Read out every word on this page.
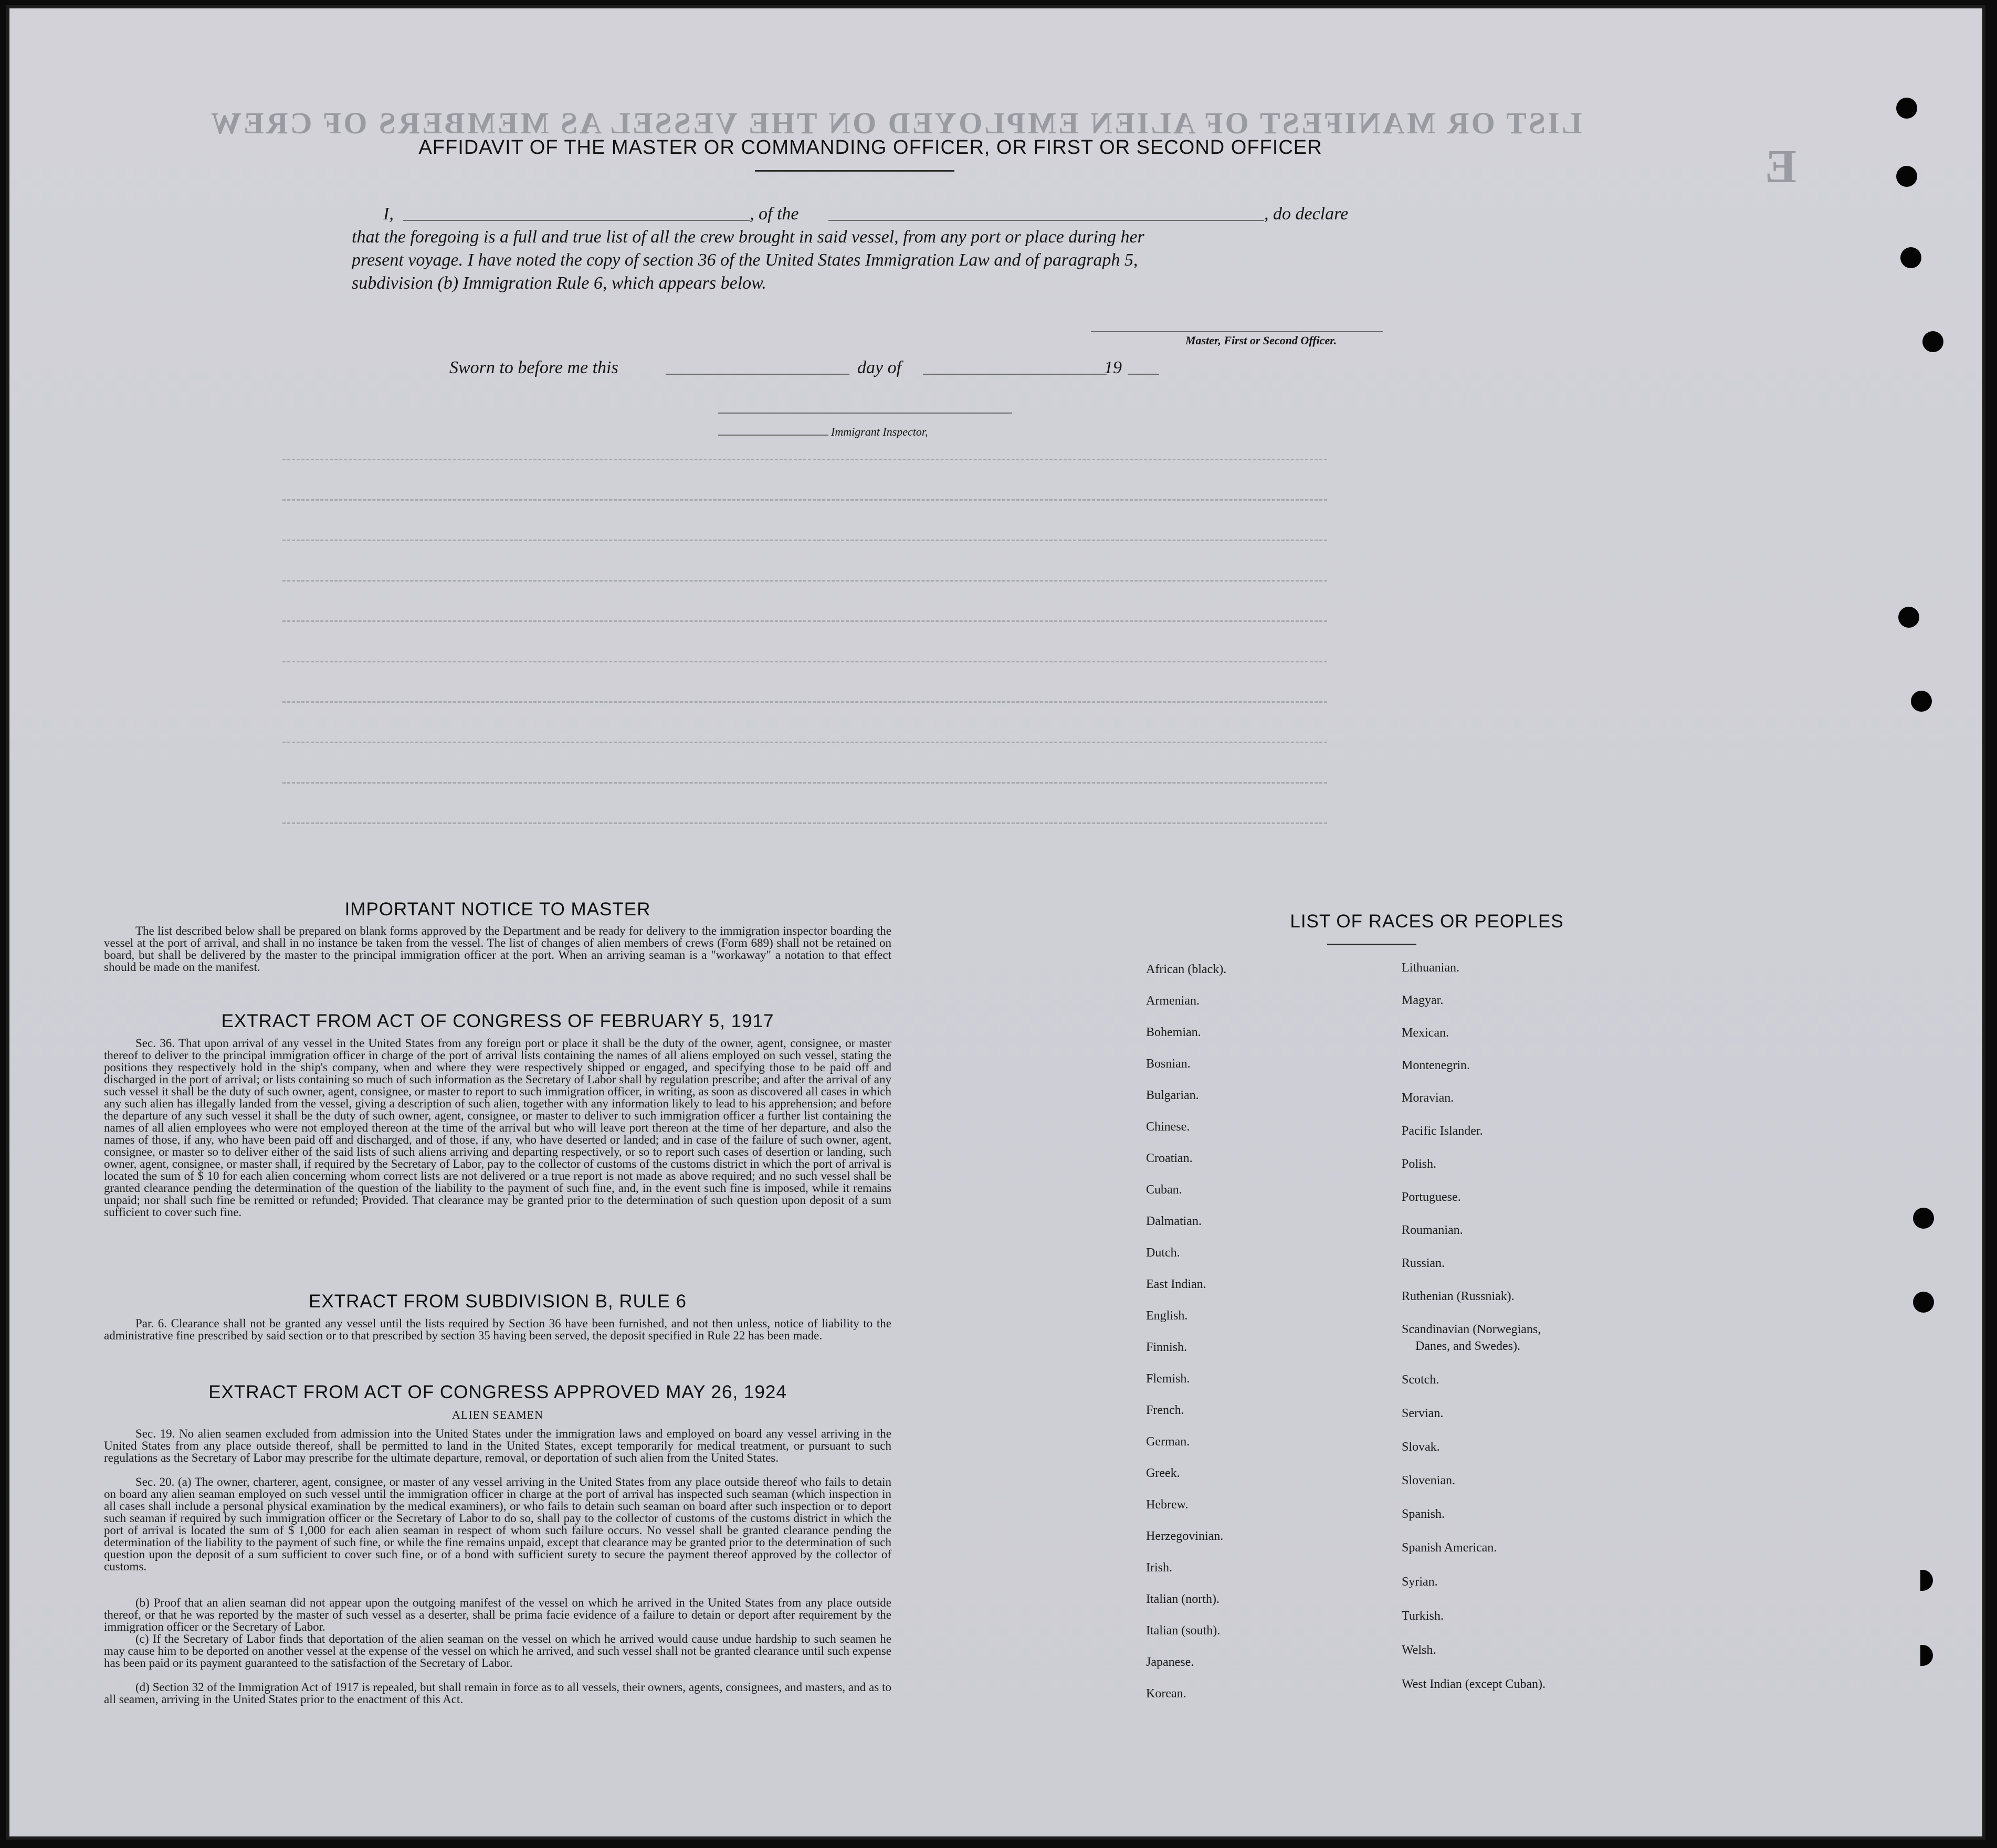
LIST OR MANIFEST OF ALIEN EMPLOYED ON THE VESSEL AS MEMBERS OF CREW
E
AFFIDAVIT OF THE MASTER OR COMMANDING OFFICER, OR FIRST OR SECOND OFFICER
I,	, of the	, do declare
that the foregoing is a full and true list of all the crew brought in said vessel, from any port or place during her
present voyage. I have noted the copy of section 36 of the United States Immigration Law and of paragraph 5,
subdivision (b) Immigration Rule 6, which appears below.
Master, First or Second Officer.
Sworn to before me this	day of	19
Immigrant Inspector,
IMPORTANT NOTICE TO MASTER
The list described below shall be prepared on blank forms approved by the Department and be ready for delivery to the immigration inspector boarding the vessel at the port of arrival, and shall in no instance be taken from the vessel. The list of changes of alien members of crews (Form 689) shall not be retained on board, but shall be delivered by the master to the principal immigration officer at the port. When an arriving seaman is a "workaway" a notation to that effect should be made on the manifest.
EXTRACT FROM ACT OF CONGRESS OF FEBRUARY 5, 1917
Sec. 36. That upon arrival of any vessel in the United States from any foreign port or place it shall be the duty of the owner, agent, consignee, or master thereof to deliver to the principal immigration officer in charge of the port of arrival lists containing the names of all aliens employed on such vessel, stating the positions they respectively hold in the ship's company, when and where they were respectively shipped or engaged, and specifying those to be paid off and discharged in the port of arrival; or lists containing so much of such information as the Secretary of Labor shall by regulation prescribe; and after the arrival of any such vessel it shall be the duty of such owner, agent, consignee, or master to report to such immigration officer, in writing, as soon as discovered all cases in which any such alien has illegally landed from the vessel, giving a description of such alien, together with any information likely to lead to his apprehension; and before the departure of any such vessel it shall be the duty of such owner, agent, consignee, or master to deliver to such immigration officer a further list containing the names of all alien employees who were not employed thereon at the time of the arrival but who will leave port thereon at the time of her departure, and also the names of those, if any, who have been paid off and discharged, and of those, if any, who have deserted or landed; and in case of the failure of such owner, agent, consignee, or master so to deliver either of the said lists of such aliens arriving and departing respectively, or so to report such cases of desertion or landing, such owner, agent, consignee, or master shall, if required by the Secretary of Labor, pay to the collector of customs of the customs district in which the port of arrival is located the sum of $ 10 for each alien concerning whom correct lists are not delivered or a true report is not made as above required; and no such vessel shall be granted clearance pending the determination of the question of the liability to the payment of such fine, and, in the event such fine is imposed, while it remains unpaid; nor shall such fine be remitted or refunded; Provided. That clearance may be granted prior to the determination of such question upon deposit of a sum sufficient to cover such fine.
EXTRACT FROM SUBDIVISION B, RULE 6
Par. 6. Clearance shall not be granted any vessel until the lists required by Section 36 have been furnished, and not then unless, notice of liability to the administrative fine prescribed by said section or to that prescribed by section 35 having been served, the deposit specified in Rule 22 has been made.
EXTRACT FROM ACT OF CONGRESS APPROVED MAY 26, 1924
ALIEN SEAMEN
Sec. 19. No alien seamen excluded from admission into the United States under the immigration laws and employed on board any vessel arriving in the United States from any place outside thereof, shall be permitted to land in the United States, except temporarily for medical treatment, or pursuant to such regulations as the Secretary of Labor may prescribe for the ultimate departure, removal, or deportation of such alien from the United States.
Sec. 20. (a) The owner, charterer, agent, consignee, or master of any vessel arriving in the United States from any place outside thereof who fails to detain on board any alien seaman employed on such vessel until the immigration officer in charge at the port of arrival has inspected such seaman (which inspection in all cases shall include a personal physical examination by the medical examiners), or who fails to detain such seaman on board after such inspection or to deport such seaman if required by such immigration officer or the Secretary of Labor to do so, shall pay to the collector of customs of the customs district in which the port of arrival is located the sum of $ 1,000 for each alien seaman in respect of whom such failure occurs. No vessel shall be granted clearance pending the determination of the liability to the payment of such fine, or while the fine remains unpaid, except that clearance may be granted prior to the determination of such question upon the deposit of a sum sufficient to cover such fine, or of a bond with sufficient surety to secure the payment thereof approved by the collector of customs.
(b) Proof that an alien seaman did not appear upon the outgoing manifest of the vessel on which he arrived in the United States from any place outside thereof, or that he was reported by the master of such vessel as a deserter, shall be prima facie evidence of a failure to detain or deport after requirement by the immigration officer or the Secretary of Labor.
(c) If the Secretary of Labor finds that deportation of the alien seaman on the vessel on which he arrived would cause undue hardship to such seamen he may cause him to be deported on another vessel at the expense of the vessel on which he arrived, and such vessel shall not be granted clearance until such expense has been paid or its payment guaranteed to the satisfaction of the Secretary of Labor.
(d) Section 32 of the Immigration Act of 1917 is repealed, but shall remain in force as to all vessels, their owners, agents, consignees, and masters, and as to all seamen, arriving in the United States prior to the enactment of this Act.
LIST OF RACES OR PEOPLES
African (black).
Armenian.
Bohemian.
Bosnian.
Bulgarian.
Chinese.
Croatian.
Cuban.
Dalmatian.
Dutch.
East Indian.
English.
Finnish.
Flemish.
French.
German.
Greek.
Hebrew.
Herzegovinian.
Irish.
Italian (north).
Italian (south).
Japanese.
Korean.
Lithuanian.
Magyar.
Mexican.
Montenegrin.
Moravian.
Pacific Islander.
Polish.
Portuguese.
Roumanian.
Russian.
Ruthenian (Russniak).
Scandinavian (Norwegians,
Danes, and Swedes).
Scotch.
Servian.
Slovak.
Slovenian.
Spanish.
Spanish American.
Syrian.
Turkish.
Welsh.
West Indian (except Cuban).
